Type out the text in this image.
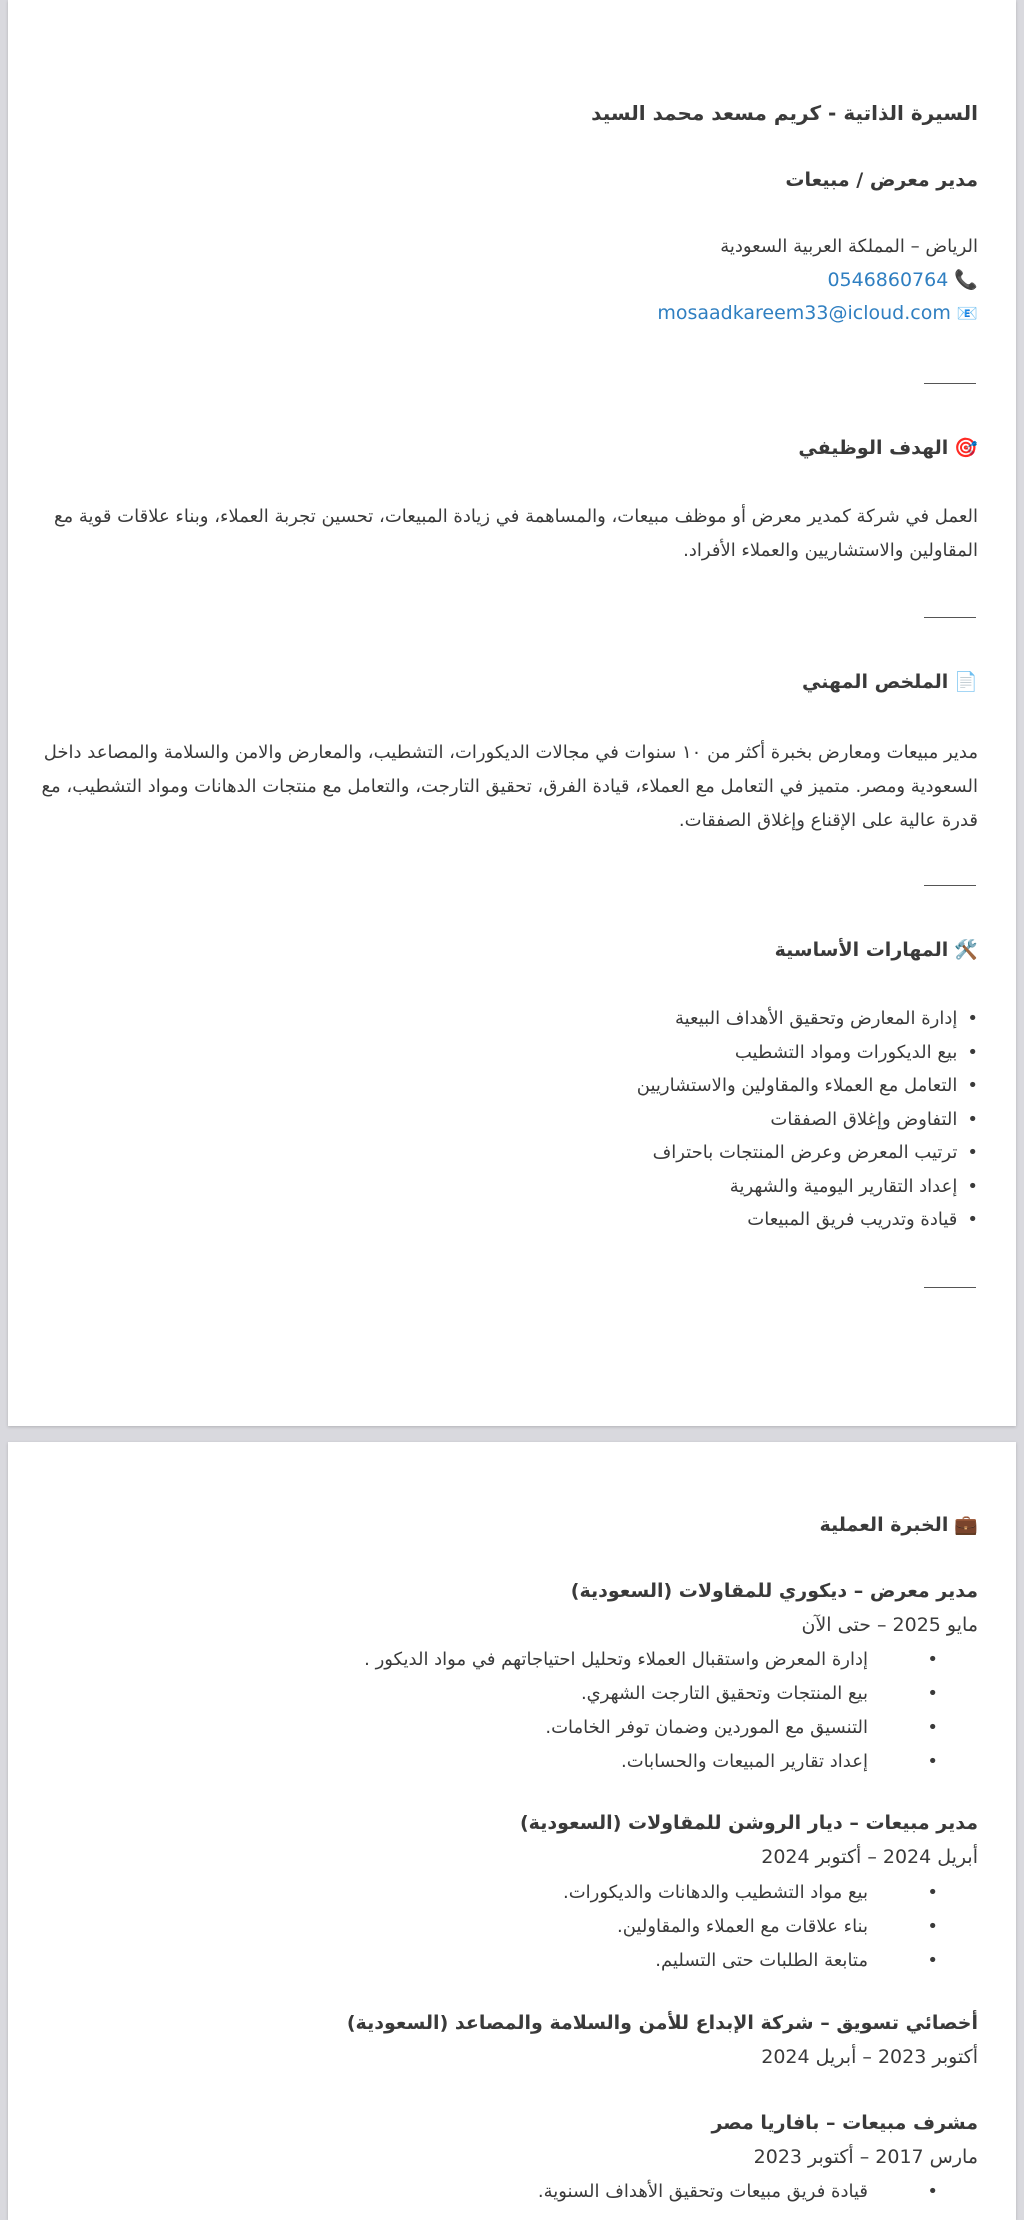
السيرة الذاتية - كريم مسعد محمد السيد
مدير معرض / مبيعات
الرياض – المملكة العربية السعودية
📞0546860764
📧mosaadkareem33@icloud.com
🎯الهدف الوظيفي
العمل في شركة كمدير معرض أو موظف مبيعات، والمساهمة في زيادة المبيعات، تحسين تجربة العملاء، وبناء علاقات قوية مع المقاولين والاستشاريين والعملاء الأفراد.
📄الملخص المهني
مدير مبيعات ومعارض بخبرة أكثر من ١٠ سنوات في مجالات الديكورات، التشطيب، والمعارض والامن والسلامة والمصاعد داخل السعودية ومصر. متميز في التعامل مع العملاء، قيادة الفرق، تحقيق التارجت، والتعامل مع منتجات الدهانات ومواد التشطيب، مع قدرة عالية على الإقناع وإغلاق الصفقات.
🛠️المهارات الأساسية
• إدارة المعارض وتحقيق الأهداف البيعية
• بيع الديكورات ومواد التشطيب
• التعامل مع العملاء والمقاولين والاستشاريين
• التفاوض وإغلاق الصفقات
• ترتيب المعرض وعرض المنتجات باحتراف
• إعداد التقارير اليومية والشهرية
• قيادة وتدريب فريق المبيعات
💼الخبرة العملية
مدير معرض – ديكوري للمقاولات (السعودية)
مايو 2025 – حتى الآن
•
إدارة المعرض واستقبال العملاء وتحليل احتياجاتهم في مواد الديكور .
•
بيع المنتجات وتحقيق التارجت الشهري.
•
التنسيق مع الموردين وضمان توفر الخامات.
•
إعداد تقارير المبيعات والحسابات.
مدير مبيعات – ديار الروشن للمقاولات (السعودية)
أبريل 2024 – أكتوبر 2024
•
بيع مواد التشطيب والدهانات والديكورات.
•
بناء علاقات مع العملاء والمقاولين.
•
متابعة الطلبات حتى التسليم.
أخصائي تسويق – شركة الإبداع للأمن والسلامة والمصاعد (السعودية)
أكتوبر 2023 – أبريل 2024
مشرف مبيعات – بافاريا مصر
مارس 2017 – أكتوبر 2023
•
قيادة فريق مبيعات وتحقيق الأهداف السنوية.
